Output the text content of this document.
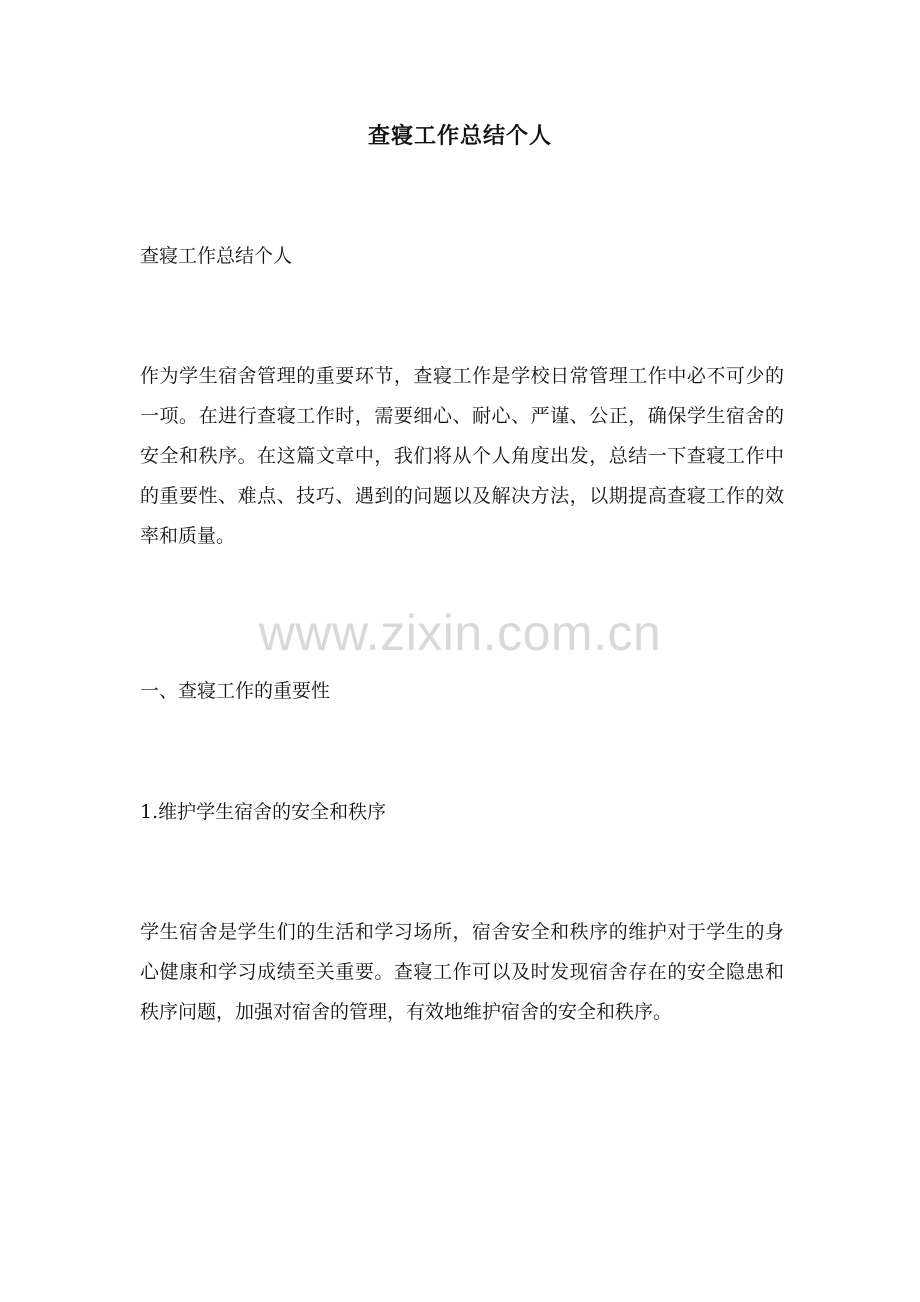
查寝工作总结个人
查寝工作总结个人

作为学生宿舍管理的重要环节，查寝工作是学校日常管理工作中必不可少的一项。在进行查寝工作时，需要细心、耐心、严谨、公正，确保学生宿舍的安全和秩序。在这篇文章中，我们将从个人角度出发，总结一下查寝工作中的重要性、难点、技巧、遇到的问题以及解决方法，以期提高查寝工作的效率和质量。

www.zixin.com.cn
一、查寝工作的重要性
1.维护学生宿舍的安全和秩序

学生宿舍是学生们的生活和学习场所，宿舍安全和秩序的维护对于学生的身心健康和学习成绩至关重要。查寝工作可以及时发现宿舍存在的安全隐患和秩序问题，加强对宿舍的管理，有效地维护宿舍的安全和秩序。
